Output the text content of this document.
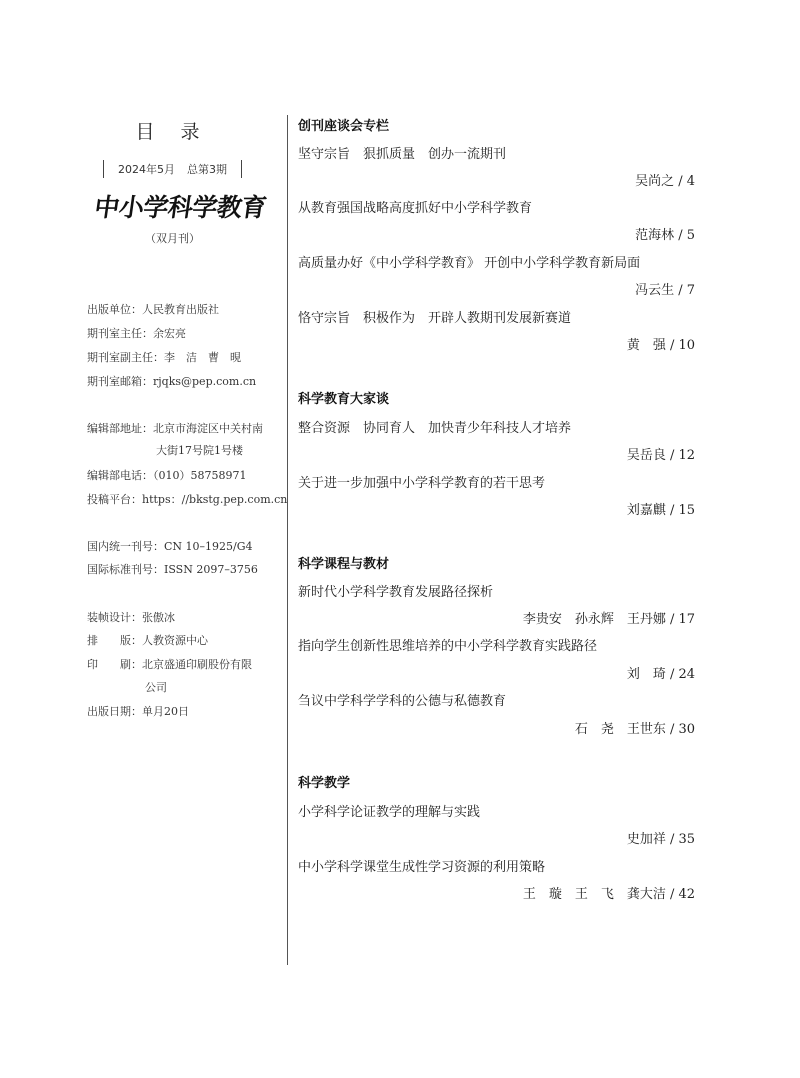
目 录
2024年5月 总第3期
中小学科学教育
（双月刊）
出版单位：人民教育出版社
期刊室主任：余宏亮
期刊室副主任：李　洁　曹　晛
期刊室邮箱：rjqks@pep.com.cn
编辑部地址：北京市海淀区中关村南
大街17号院1号楼
编辑部电话：（010）58758971
投稿平台：https：//bkstg.pep.com.cn
国内统一刊号：CN 10–1925/G4
国际标准刊号：ISSN 2097–3756
装帧设计：张傲冰
排　　版：人教资源中心
印　　刷：北京盛通印刷股份有限
公司
出版日期：单月20日
创刊座谈会专栏
坚守宗旨　狠抓质量　创办一流期刊
吴尚之 / 4
从教育强国战略高度抓好中小学科学教育
范海林 / 5
高质量办好《中小学科学教育》 开创中小学科学教育新局面
冯云生 / 7
恪守宗旨　积极作为　开辟人教期刊发展新赛道
黄　强 / 10
科学教育大家谈
整合资源　协同育人　加快青少年科技人才培养
吴岳良 / 12
关于进一步加强中小学科学教育的若干思考
刘嘉麒 / 15
科学课程与教材
新时代小学科学教育发展路径探析
李贵安　孙永辉　王丹娜 / 17
指向学生创新性思维培养的中小学科学教育实践路径
刘　琦 / 24
刍议中学科学学科的公德与私德教育
石　尧　王世东 / 30
科学教学
小学科学论证教学的理解与实践
史加祥 / 35
中小学科学课堂生成性学习资源的利用策略
王　璇　王　飞　龚大洁 / 42
